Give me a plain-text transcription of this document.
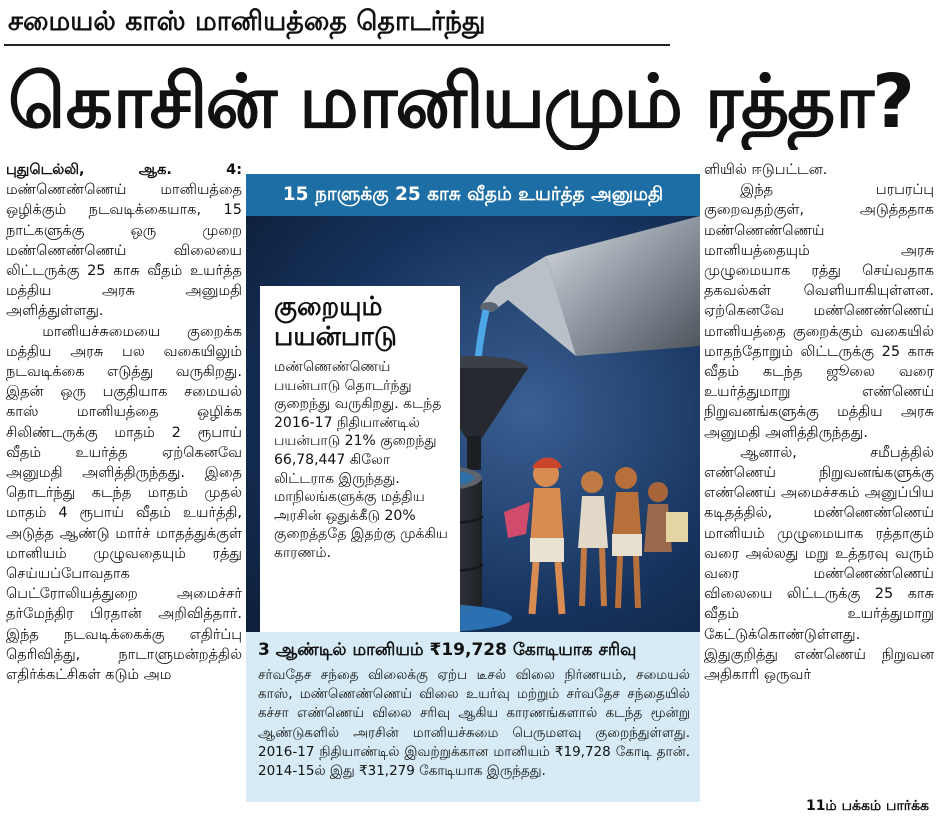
சமையல் காஸ் மானியத்தை தொடர்ந்து
கொசின் மானியமும் ரத்தா?

புதுடெல்லி, ஆக. 4: மண்ணெண்ணெய் மானியத்தை ஒழிக்கும் நடவடிக்கையாக, 15 நாட்களுக்கு ஒரு முறை மண்ணெண்ணெய் விலையை லிட்டருக்கு 25 காசு வீதம் உயர்த்த மத்திய அரசு அனுமதி அளித்துள்ளது.

மானியச்சுமையை குறைக்க மத்திய அரசு பல வகையிலும் நடவடிக்கை எடுத்து வருகிறது. இதன் ஒரு பகுதியாக சமையல் காஸ் மானியத்தை ஒழிக்க சிலிண்டருக்கு மாதம் 2 ரூபாய் வீதம் உயர்த்த ஏற்கெனவே அனுமதி அளித்திருந்தது. இதை தொடர்ந்து கடந்த மாதம் முதல் மாதம் 4 ரூபாய் வீதம் உயர்த்தி, அடுத்த ஆண்டு மார்ச் மாதத்துக்குள் மானியம் முழுவதையும் ரத்து செய்யப்போவதாக பெட்ரோலியத்துறை அமைச்சர் தர்மேந்திர பிரதான் அறிவித்தார். இந்த நடவடிக்கைக்கு எதிர்ப்பு தெரிவித்து, நாடாளுமன்றத்தில் எதிர்க்கட்சிகள் கடும் அம

15 நாளுக்கு 25 காசு வீதம் உயர்த்த அனுமதி
குறையும் பயன்பாடு
மண்ணெண்ணெய் பயன்பாடு தொடர்ந்து குறைந்து வருகிறது. கடந்த 2016-17 நிதியாண்டில் பயன்பாடு 21% குறைந்து 66,78,447 கிலோ லிட்டராக இருந்தது. மாநிலங்களுக்கு மத்திய அரசின் ஒதுக்கீடு 20% குறைத்ததே இதற்கு முக்கிய காரணம்.
3 ஆண்டில் மானியம் ₹19,728 கோடியாக சரிவு
சர்வதேச சந்தை விலைக்கு ஏற்ப டீசல் விலை நிர்ணயம், சமையல் காஸ், மண்ணெண்ணெய் விலை உயர்வு மற்றும் சர்வதேச சந்தையில் கச்சா எண்ணெய் விலை சரிவு ஆகிய காரணங்களால் கடந்த மூன்று ஆண்டுகளில் அரசின் மானியச்சுமை பெருமளவு குறைந்துள்ளது. 2016-17 நிதியாண்டில் இவற்றுக்கான மானியம் ₹19,728 கோடி தான். 2014-15ல் இது ₹31,279 கோடியாக இருந்தது.

ளியில் ஈடுபட்டன.

இந்த பரபரப்பு குறைவதற்குள், அடுத்ததாக மண்ணெண்ணெய் மானியத்தையும் அரசு முழுமையாக ரத்து செய்வதாக தகவல்கள் வெளியாகியுள்ளன. ஏற்கெனவே மண்ணெண்ணெய் மானியத்தை குறைக்கும் வகையில் மாதந்தோறும் லிட்டருக்கு 25 காசு வீதம் கடந்த ஜூலை வரை உயர்த்துமாறு எண்ணெய் நிறுவனங்களுக்கு மத்திய அரசு அனுமதி அளித்திருந்தது.

ஆனால், சமீபத்தில் எண்ணெய் நிறுவனங்களுக்கு எண்ணெய் அமைச்சகம் அனுப்பிய கடிதத்தில், மண்ணெண்ணெய் மானியம் முழுமையாக ரத்தாகும் வரை அல்லது மறு உத்தரவு வரும் வரை மண்ணெண்ணெய் விலையை லிட்டருக்கு 25 காசு வீதம் உயர்த்துமாறு கேட்டுக்கொண்டுள்ளது. இதுகுறித்து எண்ணெய் நிறுவன அதிகாரி ஒருவர்

11ம் பக்கம் பார்க்க
